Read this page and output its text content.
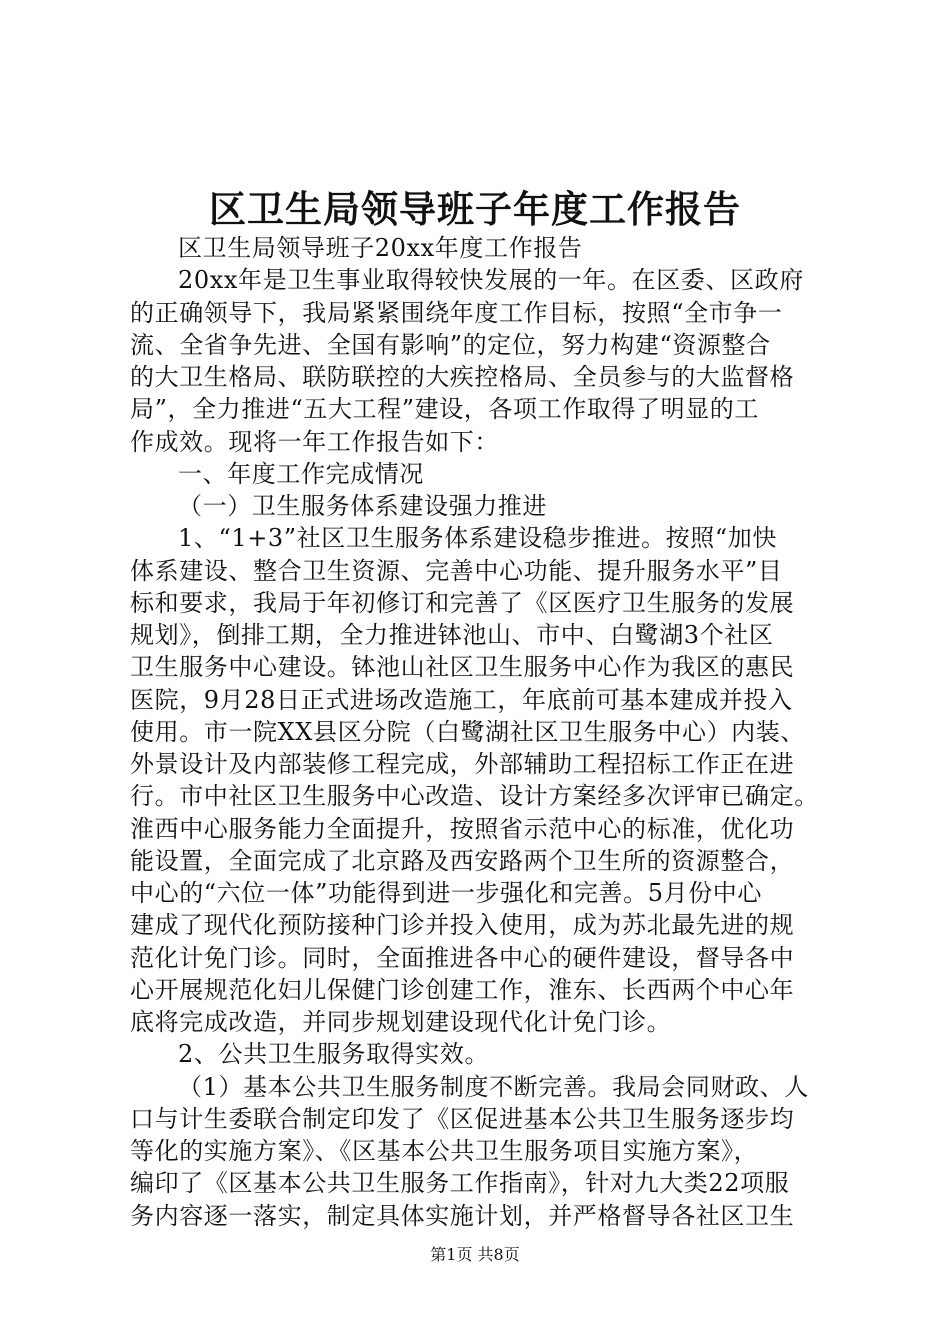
区卫生局领导班子年度工作报告
区卫生局领导班子20xx年度工作报告
20xx年是卫生事业取得较快发展的一年。在区委、区政府
的正确领导下，我局紧紧围绕年度工作目标，按照“全市争一
流、全省争先进、全国有影响”的定位，努力构建“资源整合
的大卫生格局、联防联控的大疾控格局、全员参与的大监督格
局”，全力推进“五大工程”建设，各项工作取得了明显的工
作成效。现将一年工作报告如下：
一、年度工作完成情况
（一）卫生服务体系建设强力推进
1、“1+3”社区卫生服务体系建设稳步推进。按照“加快
体系建设、整合卫生资源、完善中心功能、提升服务水平”目
标和要求，我局于年初修订和完善了《区医疗卫生服务的发展
规划》，倒排工期，全力推进钵池山、市中、白鹭湖3个社区
卫生服务中心建设。钵池山社区卫生服务中心作为我区的惠民
医院，9月28日正式进场改造施工，年底前可基本建成并投入
使用。市一院XX县区分院（白鹭湖社区卫生服务中心）内装、
外景设计及内部装修工程完成，外部辅助工程招标工作正在进
行。市中社区卫生服务中心改造、设计方案经多次评审已确定。
淮西中心服务能力全面提升，按照省示范中心的标准，优化功
能设置，全面完成了北京路及西安路两个卫生所的资源整合，
中心的“六位一体”功能得到进一步强化和完善。5月份中心
建成了现代化预防接种门诊并投入使用，成为苏北最先进的规
范化计免门诊。同时，全面推进各中心的硬件建设，督导各中
心开展规范化妇儿保健门诊创建工作，淮东、长西两个中心年
底将完成改造，并同步规划建设现代化计免门诊。
2、公共卫生服务取得实效。
（1）基本公共卫生服务制度不断完善。我局会同财政、人
口与计生委联合制定印发了《区促进基本公共卫生服务逐步均
等化的实施方案》、《区基本公共卫生服务项目实施方案》，
编印了《区基本公共卫生服务工作指南》，针对九大类22项服
务内容逐一落实，制定具体实施计划，并严格督导各社区卫生
第1页 共8页
